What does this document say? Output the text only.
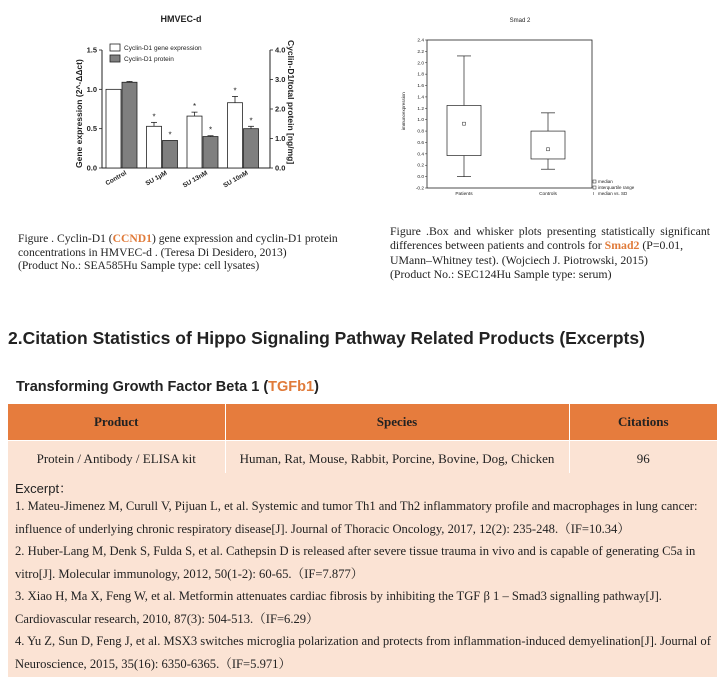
HMVEC-d
0.0
0.5
1.0
1.5
0.0
1.0
2.0
3.0
4.0
*
*
*
*
*
*
Control	SU 1µM SU 13nM SU 10nM
Gene expression (2^-ΔΔct)	Cyclin-D1/total protein [ng/mg]
Cyclin-D1 gene expression
Cyclin-D1 protein
Figure . Cyclin-D1 (CCND1) gene expression and cyclin-D1 protein
concentrations in HMVEC-d . (Teresa Di Desidero, 2013)
(Product No.: SEA585Hu Sample type: cell lysates)
Smad 2
-0.2
0.0
0.2
0.4
0.6
0.8
1.0
1.2
1.4
1.6
1.8
2.0
2.2
2.4
Patients	Controls
immunoexpression
median
interquartile range
I median vs. SD
Figure .Box and whisker plots presenting statistically significant
differences between patients and controls for Smad2 (P=0.01,
UMann–Whitney test). (Wojciech J. Piotrowski, 2015)
(Product No.: SEC124Hu Sample type: serum)
2.Citation Statistics of Hippo Signaling Pathway Related Products (Excerpts)
Transforming Growth Factor Beta 1 (TGFb1)
Product	Species	Citations
Protein / Antibody / ELISA kit	Human, Rat, Mouse, Rabbit, Porcine, Bovine, Dog, Chicken	96
Excerpt：
1. Mateu-Jimenez M, Curull V, Pijuan L, et al. Systemic and tumor Th1 and Th2 inflammatory profile and macrophages in lung cancer: influence of underlying chronic respiratory disease[J]. Journal of Thoracic Oncology, 2017, 12(2): 235-248.（IF=10.34）
2. Huber-Lang M, Denk S, Fulda S, et al. Cathepsin D is released after severe tissue trauma in vivo and is capable of generating C5a in vitro[J]. Molecular immunology, 2012, 50(1-2): 60-65.（IF=7.877）
3. Xiao H, Ma X, Feng W, et al. Metformin attenuates cardiac fibrosis by inhibiting the TGF β 1 – Smad3 signalling pathway[J]. Cardiovascular research, 2010, 87(3): 504-513.（IF=6.29）
4. Yu Z, Sun D, Feng J, et al. MSX3 switches microglia polarization and protects from inflammation-induced demyelination[J]. Journal of Neuroscience, 2015, 35(16): 6350-6365.（IF=5.971）
